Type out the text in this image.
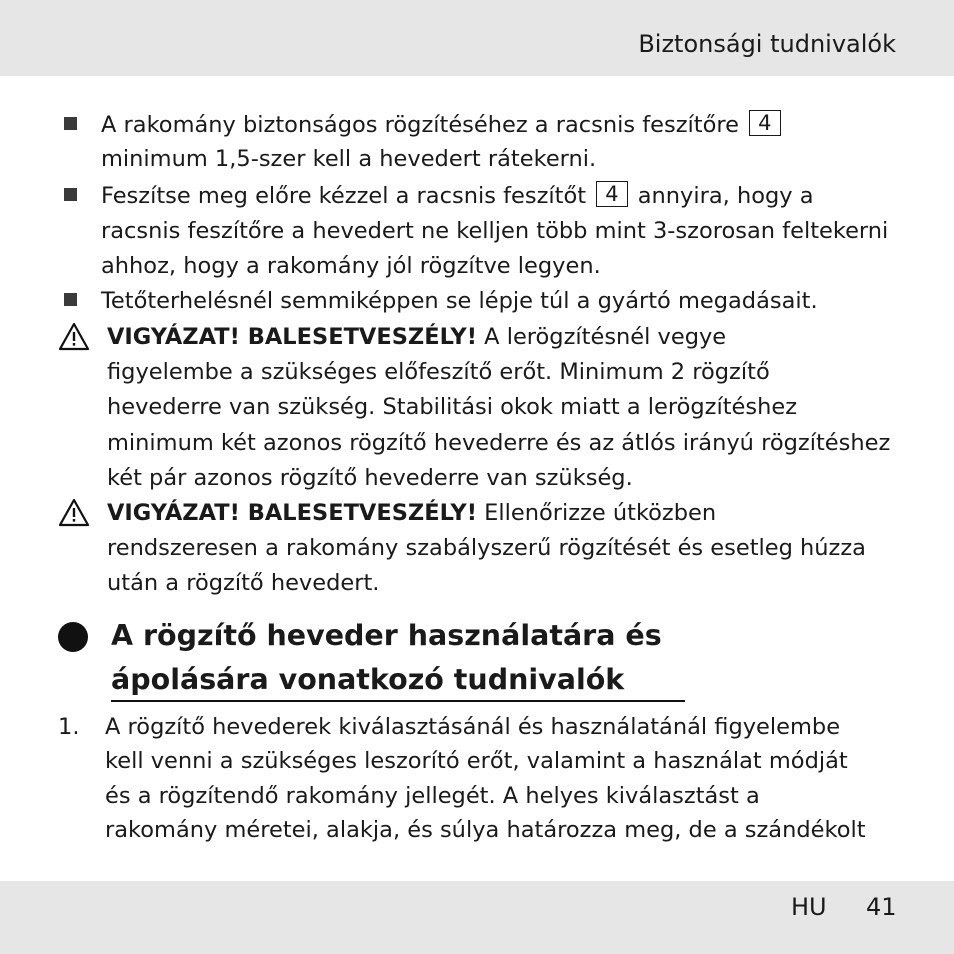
Biztonsági tudnivalók
A rakomány biztonságos rögzítéséhez a racsnis feszítőre 4
minimum 1,5-szer kell a hevedert rátekerni.
Feszítse meg előre kézzel a racsnis feszítőt 4 annyira, hogy a
racsnis feszítőre a hevedert ne kelljen több mint 3-szorosan feltekerni
ahhoz, hogy a rakomány jól rögzítve legyen.
Tetőterhelésnél semmiképpen se lépje túl a gyártó megadásait.
VIGYÁZAT! BALESETVESZÉLY! A lerögzítésnél vegye
figyelembe a szükséges előfeszítő erőt. Minimum 2 rögzítő
hevederre van szükség. Stabilitási okok miatt a lerögzítéshez
minimum két azonos rögzítő hevederre és az átlós irányú rögzítéshez
két pár azonos rögzítő hevederre van szükség.
VIGYÁZAT! BALESETVESZÉLY! Ellenőrizze útközben
rendszeresen a rakomány szabályszerű rögzítését és esetleg húzza
után a rögzítő hevedert.
A rögzítő heveder használatára és
ápolására vonatkozó tudnivalók
1. A rögzítő hevederek kiválasztásánál és használatánál figyelembe
kell venni a szükséges leszorító erőt, valamint a használat módját
és a rögzítendő rakomány jellegét. A helyes kiválasztást a
rakomány méretei, alakja, és súlya határozza meg, de a szándékolt
HU 41
